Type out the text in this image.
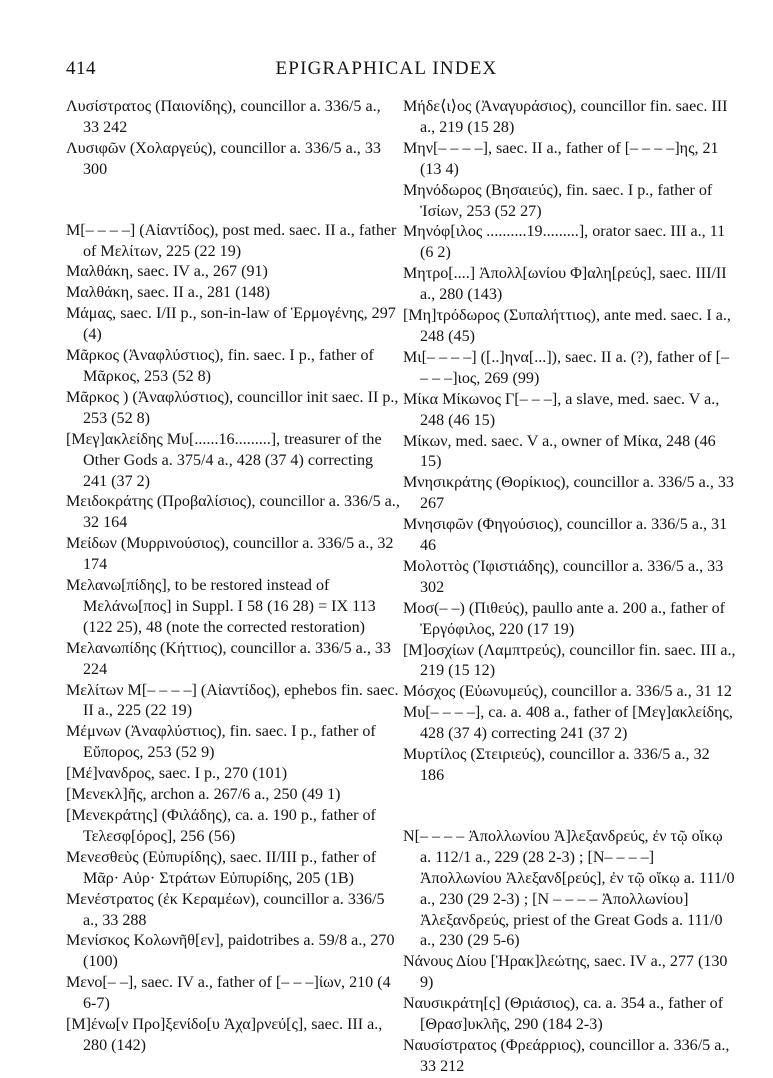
414	EPIGRAPHICAL INDEX

Λυσίστρατος (Παιονίδης), councillor a. 336/5 a., 33 242

Λυσιφῶν (Χολαργεύς), councillor a. 336/5 a., 33 300

Μ[– – – –] (Αἰαντίδος), post med. saec. II a., father of Μελίτων, 225 (22 19)

Μαλθάκη, saec. IV a., 267 (91)

Μαλθάκη, saec. II a., 281 (148)

Μάμας, saec. I/II p., son-in-law of Ἑρμογένης, 297 (4)

Μᾶρκος (Ἀναφλύστιος), fin. saec. I p., father of Μᾶρκος, 253 (52 8)

Μᾶρκος ) (Ἀναφλύστιος), councillor init saec. II p., 253 (52 8)

[Μεγ]ακλείδης Μυ[......16.........], treasurer of the Other Gods a. 375/4 a., 428 (37 4) correcting 241 (37 2)

Μειδοκράτης (Προβαλίσιος), councillor a. 336/5 a., 32 164

Μείδων (Μυρρινούσιος), councillor a. 336/5 a., 32 174

Μελανω[πίδης], to be restored instead of Μελάνω[πος] in Suppl. I 58 (16 28) = IX 113 (122 25), 48 (note the corrected restoration)

Μελανωπίδης (Κήττιος), councillor a. 336/5 a., 33 224

Μελίτων Μ[– – – –] (Αἰαντίδος), ephebos fin. saec. II a., 225 (22 19)

Μέμνων (Ἀναφλύστιος), fin. saec. I p., father of Εὔπορος, 253 (52 9)

[Μέ]νανδρος, saec. I p., 270 (101)

[Μενεκλ]ῆς, archon a. 267/6 a., 250 (49 1)

[Μενεκράτης] (Φιλάδης), ca. a. 190 p., father of Τελεσφ[όρος], 256 (56)

Μενεσθεὺς (Εὐπυρίδης), saec. II/III p., father of Μᾶρ· Αὐρ· Στράτων Εὐπυρίδης, 205 (1B)

Μενέστρατος (ἐκ Κεραμέων), councillor a. 336/5 a., 33 288

Μενίσκος Κολωνῆθ[εν], paidotribes a. 59/8 a., 270 (100)

Μενο[– –], saec. IV a., father of [– – –]ίων, 210 (4 6-7)

[Μ]ένω[ν Προ]ξενίδο[υ Ἀχα]ρνεύ[ς], saec. III a., 280 (142)

Μήδε⟨ι⟩ος (Ἀναγυράσιος), councillor fin. saec. III a., 219 (15 28)

Μην[– – – –], saec. II a., father of [– – – –]ης, 21 (13 4)

Μηνόδωρος (Βησαιεύς), fin. saec. I p., father of Ἰσίων, 253 (52 27)

Μηνόφ[ιλος ..........19.........], orator saec. III a., 11 (6 2)

Μητρο[....] Ἀπολλ[ωνίου Φ]αλη[ρεύς], saec. III/II a., 280 (143)

[Μη]τρόδωρος (Συπαλήττιος), ante med. saec. I a., 248 (45)

Μι[– – – –] ([..]ηνα[...]), saec. II a. (?), father of [– – – –]ιος, 269 (99)

Μίκα Μίκωνος Γ[– – –], a slave, med. saec. V a., 248 (46 15)

Μίκων, med. saec. V a., owner of Μίκα, 248 (46 15)

Μνησικράτης (Θορίκιος), councillor a. 336/5 a., 33 267

Μνησιφῶν (Φηγούσιος), councillor a. 336/5 a., 31 46

Μολοττὸς (Ἰφιστιάδης), councillor a. 336/5 a., 33 302

Μοσ(– –) (Πιθεύς), paullo ante a. 200 a., father of Ἐργόφιλος, 220 (17 19)

[Μ]οσχίων (Λαμπτρεύς), councillor fin. saec. III a., 219 (15 12)

Μόσχος (Εὐωνυμεύς), councillor a. 336/5 a., 31 12

Μυ[– – – –], ca. a. 408 a., father of [Μεγ]ακλείδης, 428 (37 4) correcting 241 (37 2)

Μυρτίλος (Στειριεύς), councillor a. 336/5 a., 32 186

Ν[– – – – Ἀπολλωνίου Ἀ]λεξανδρεύς, ἐν τῷ οἴκῳ a. 112/1 a., 229 (28 2-3) ; [Ν– – – –] Ἀπολλωνίου Ἀλεξανδ[ρεύς], ἐν τῷ οἴκῳ a. 111/0 a., 230 (29 2-3) ; [Ν – – – – Ἀπολλωνίου] Ἀλεξανδρεύς, priest of the Great Gods a. 111/0 a., 230 (29 5-6)

Νάνους Δίου [Ἡρακ]λεώτης, saec. IV a., 277 (130 9)

Ναυσικράτη[ς] (Θριάσιος), ca. a. 354 a., father of [Θρασ]υκλῆς, 290 (184 2-3)

Ναυσίστρατος (Φρεάρριος), councillor a. 336/5 a., 33 212
